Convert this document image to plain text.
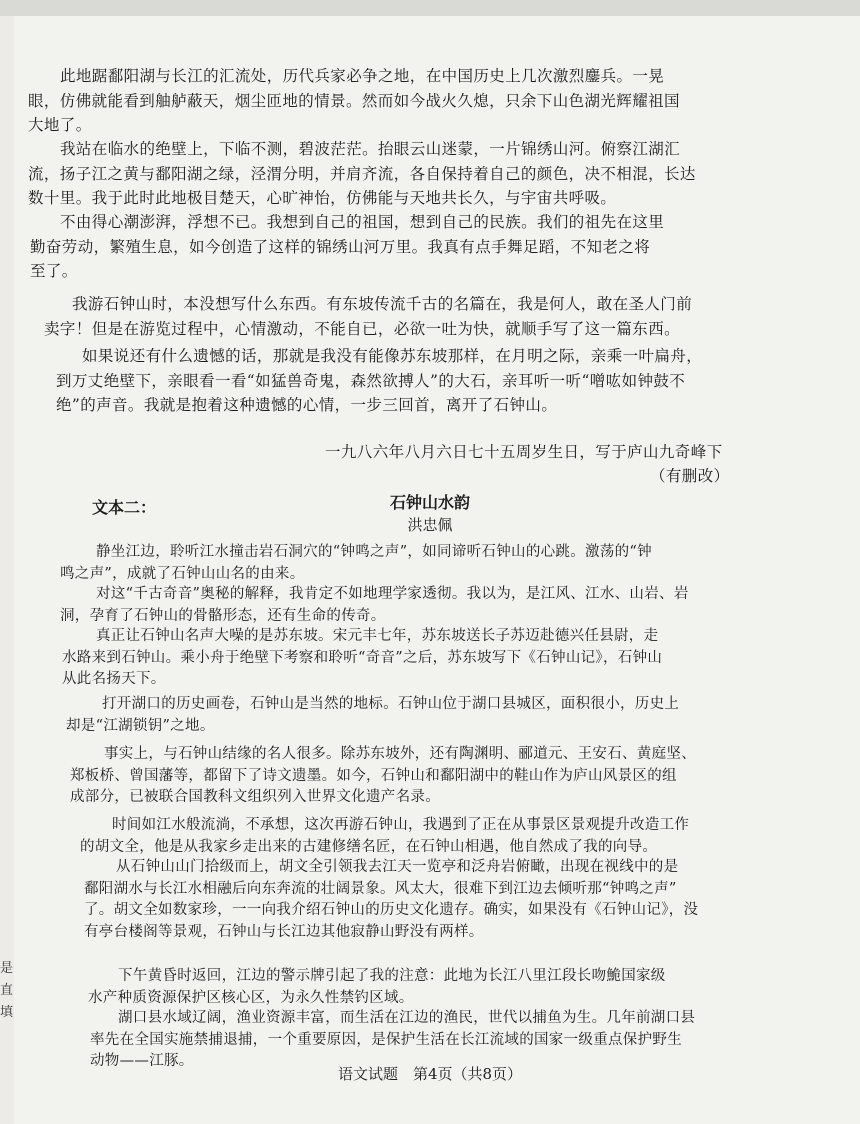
是
直
填
此地踞鄱阳湖与长江的汇流处，历代兵家必争之地，在中国历史上几次激烈鏖兵。一晃
眼，仿佛就能看到舳舻蔽天，烟尘匝地的情景。然而如今战火久熄，只余下山色湖光辉耀祖国
大地了。
我站在临水的绝壁上，下临不测，碧波茫茫。抬眼云山迷蒙，一片锦绣山河。俯察江湖汇
流，扬子江之黄与鄱阳湖之绿，泾渭分明，并肩齐流，各自保持着自己的颜色，决不相混，长达
数十里。我于此时此地极目楚天，心旷神怡，仿佛能与天地共长久，与宇宙共呼吸。
不由得心潮澎湃，浮想不已。我想到自己的祖国，想到自己的民族。我们的祖先在这里
勤奋劳动，繁殖生息，如今创造了这样的锦绣山河万里。我真有点手舞足蹈，不知老之将
至了。
我游石钟山时，本没想写什么东西。有东坡传流千古的名篇在，我是何人，敢在圣人门前
卖字！但是在游览过程中，心情激动，不能自已，必欲一吐为快，就顺手写了这一篇东西。
如果说还有什么遗憾的话，那就是我没有能像苏东坡那样，在月明之际，亲乘一叶扁舟，
到万丈绝壁下，亲眼看一看“如猛兽奇鬼，森然欲搏人”的大石，亲耳听一听“噌吰如钟鼓不
绝”的声音。我就是抱着这种遗憾的心情，一步三回首，离开了石钟山。
一九八六年八月六日七十五周岁生日，写于庐山九奇峰下
（有删改）
文本二：	石钟山水韵
洪忠佩
静坐江边，聆听江水撞击岩石洞穴的“钟鸣之声”，如同谛听石钟山的心跳。激荡的“钟
鸣之声”，成就了石钟山山名的由来。
对这“千古奇音”奥秘的解释，我肯定不如地理学家透彻。我以为，是江风、江水、山岩、岩
洞，孕育了石钟山的骨骼形态，还有生命的传奇。
真正让石钟山名声大噪的是苏东坡。宋元丰七年，苏东坡送长子苏迈赴德兴任县尉，走
水路来到石钟山。乘小舟于绝壁下考察和聆听“奇音”之后，苏东坡写下《石钟山记》，石钟山
从此名扬天下。
打开湖口的历史画卷，石钟山是当然的地标。石钟山位于湖口县城区，面积很小，历史上
却是“江湖锁钥”之地。
事实上，与石钟山结缘的名人很多。除苏东坡外，还有陶渊明、郦道元、王安石、黄庭坚、
郑板桥、曾国藩等，都留下了诗文遗墨。如今，石钟山和鄱阳湖中的鞋山作为庐山风景区的组
成部分，已被联合国教科文组织列入世界文化遗产名录。
时间如江水般流淌，不承想，这次再游石钟山，我遇到了正在从事景区景观提升改造工作
的胡文全，他是从我家乡走出来的古建修缮名匠，在石钟山相遇，他自然成了我的向导。
从石钟山山门拾级而上，胡文全引领我去江天一览亭和泛舟岩俯瞰，出现在视线中的是
鄱阳湖水与长江水相融后向东奔流的壮阔景象。风太大，很难下到江边去倾听那“钟鸣之声”
了。胡文全如数家珍，一一向我介绍石钟山的历史文化遗存。确实，如果没有《石钟山记》，没
有亭台楼阁等景观，石钟山与长江边其他寂静山野没有两样。
下午黄昏时返回，江边的警示牌引起了我的注意：此地为长江八里江段长吻鮠国家级
水产种质资源保护区核心区，为永久性禁钓区域。
湖口县水域辽阔，渔业资源丰富，而生活在江边的渔民，世代以捕鱼为生。几年前湖口县
率先在全国实施禁捕退捕，一个重要原因，是保护生活在长江流域的国家一级重点保护野生
动物——江豚。
语文试题　第4页（共8页）
